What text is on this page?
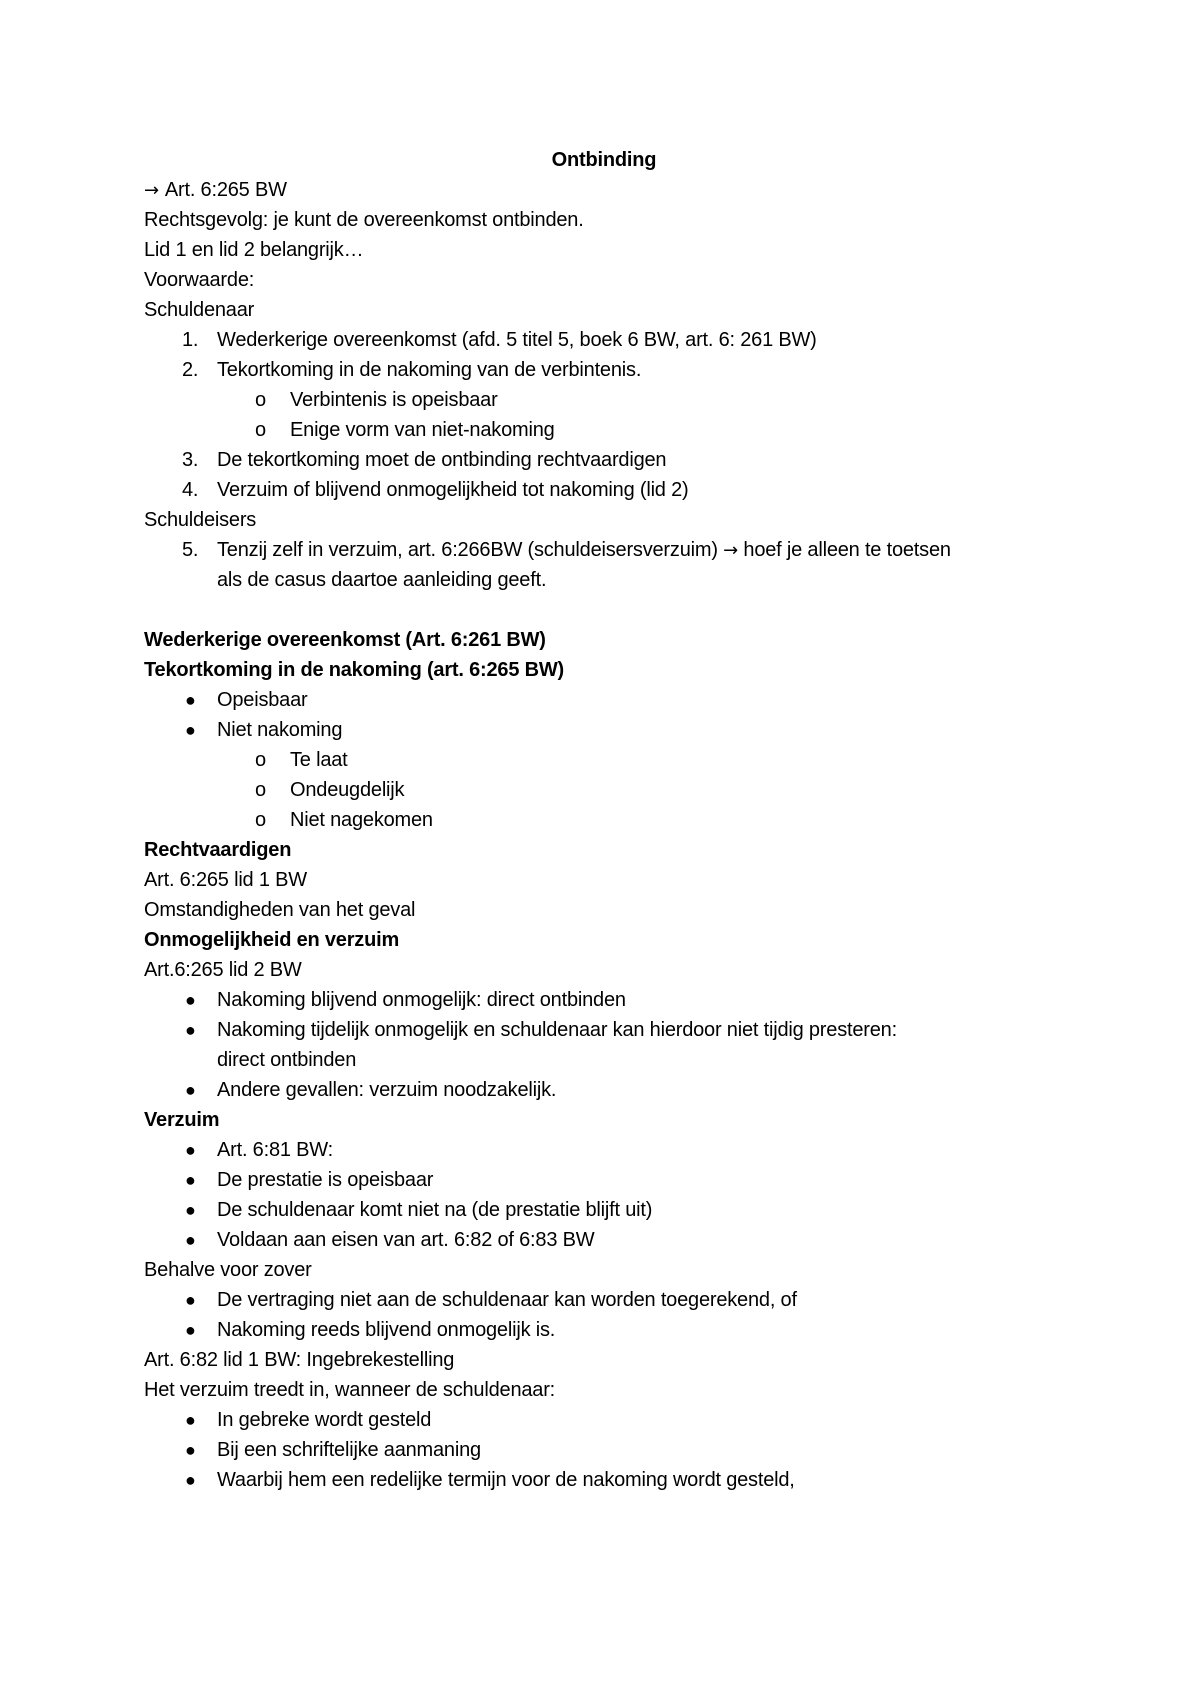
Ontbinding
→ Art. 6:265 BW
Rechtsgevolg: je kunt de overeenkomst ontbinden.
Lid 1 en lid 2 belangrijk…
Voorwaarde:
Schuldenaar
1. Wederkerige overeenkomst (afd. 5 titel 5, boek 6 BW, art. 6: 261 BW)
2. Tekortkoming in de nakoming van de verbintenis.
o Verbintenis is opeisbaar
o Enige vorm van niet-nakoming
3. De tekortkoming moet de ontbinding rechtvaardigen
4. Verzuim of blijvend onmogelijkheid tot nakoming (lid 2)
Schuldeisers
5. Tenzij zelf in verzuim, art. 6:266BW (schuldeisersverzuim) → hoef je alleen te toetsen
als de casus daartoe aanleiding geeft.
Wederkerige overeenkomst (Art. 6:261 BW)
Tekortkoming in de nakoming (art. 6:265 BW)
● Opeisbaar
● Niet nakoming
o Te laat
o Ondeugdelijk
o Niet nagekomen
Rechtvaardigen
Art. 6:265 lid 1 BW
Omstandigheden van het geval
Onmogelijkheid en verzuim
Art.6:265 lid 2 BW
● Nakoming blijvend onmogelijk: direct ontbinden
● Nakoming tijdelijk onmogelijk en schuldenaar kan hierdoor niet tijdig presteren:
direct ontbinden
● Andere gevallen: verzuim noodzakelijk.
Verzuim
● Art. 6:81 BW:
● De prestatie is opeisbaar
● De schuldenaar komt niet na (de prestatie blijft uit)
● Voldaan aan eisen van art. 6:82 of 6:83 BW
Behalve voor zover
● De vertraging niet aan de schuldenaar kan worden toegerekend, of
● Nakoming reeds blijvend onmogelijk is.
Art. 6:82 lid 1 BW: Ingebrekestelling
Het verzuim treedt in, wanneer de schuldenaar:
● In gebreke wordt gesteld
● Bij een schriftelijke aanmaning
● Waarbij hem een redelijke termijn voor de nakoming wordt gesteld,
